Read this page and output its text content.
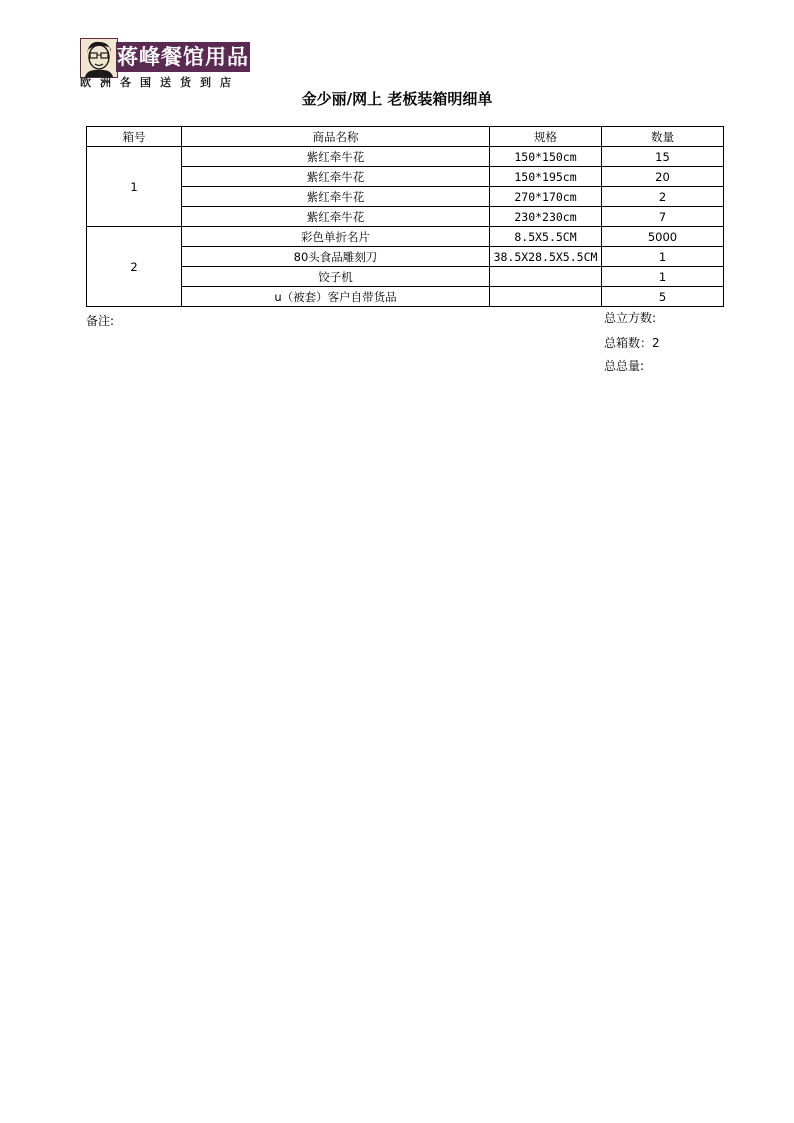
蒋峰餐馆用品
欧洲各国送货到店
金少丽/网上 老板装箱明细单
箱号	商品名称	规格	数量
1	紫红牵牛花	150*150cm	15
	紫红牵牛花	150*195cm	20
	紫红牵牛花	270*170cm	2
	紫红牵牛花	230*230cm	7
2	彩色单折名片	8.5X5.5CM	5000
	80头食品雕刻刀	38.5X28.5X5.5CM	1
	饺子机		1
	u（被套）客户自带货品		5
备注:	总立方数:
总箱数：2
总总量:
